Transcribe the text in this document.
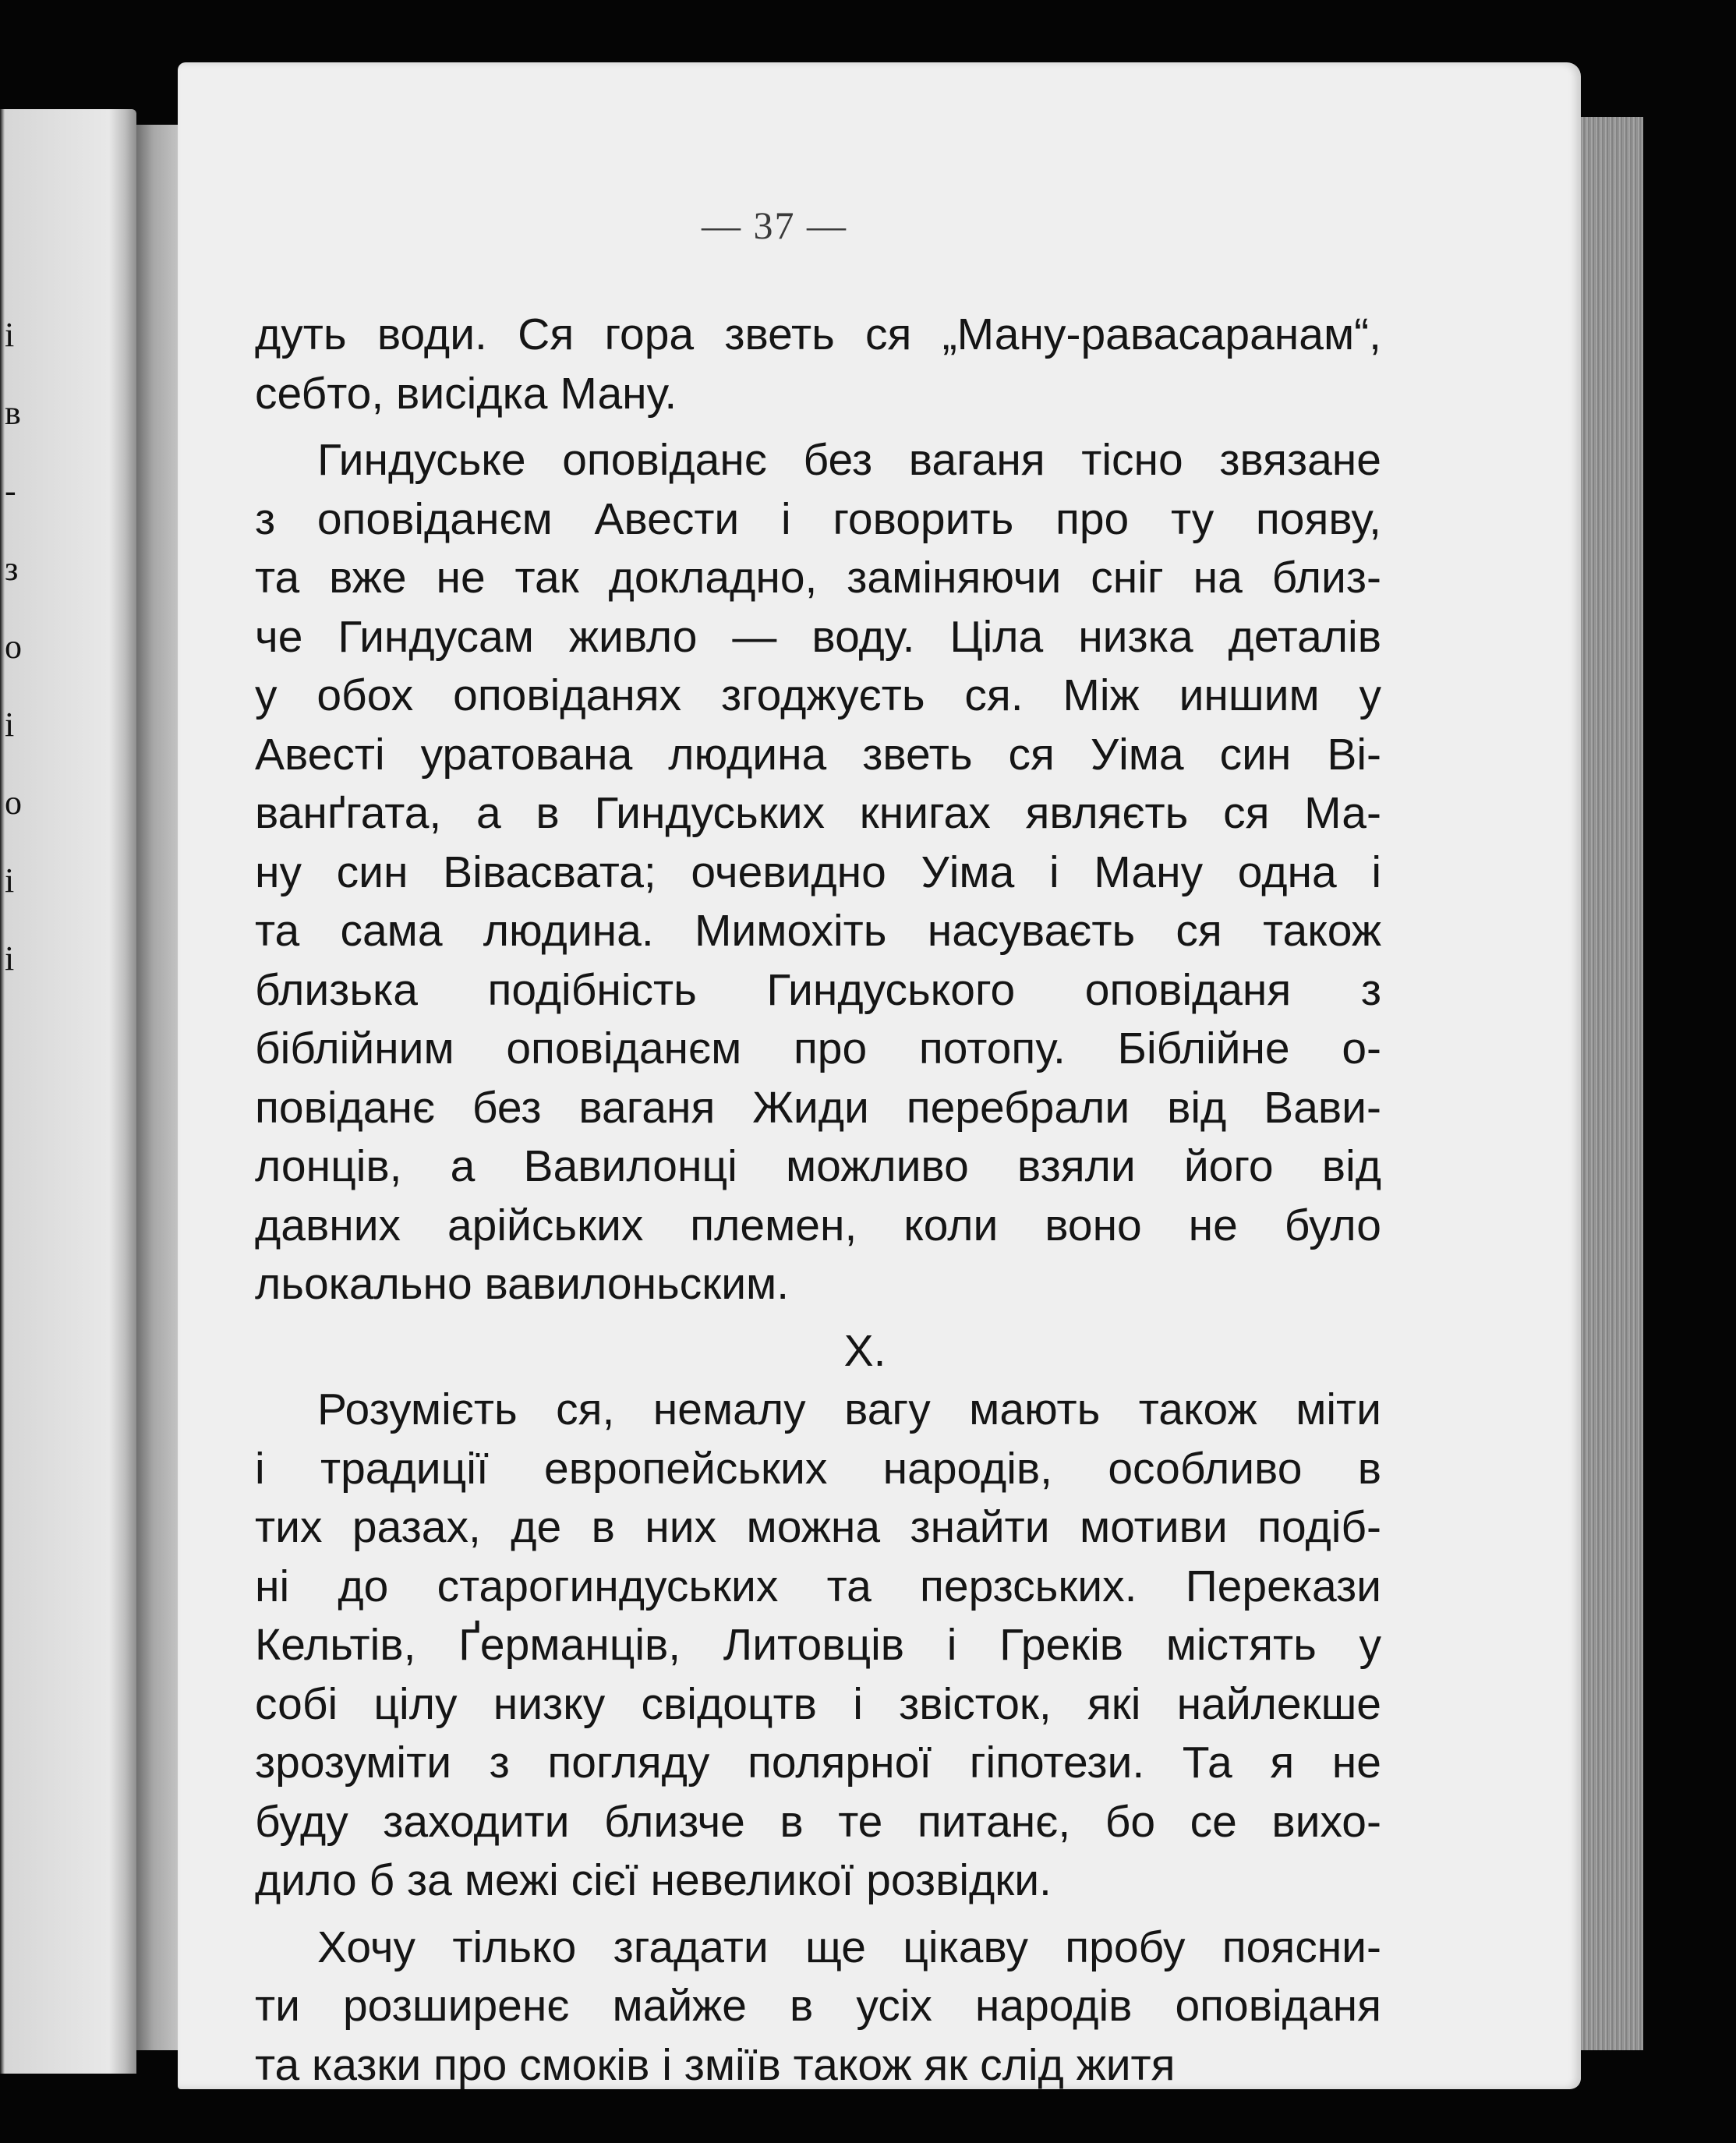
і
в
-
з
о
і
о
і
і
— 37 —
дуть води. Ся гора зветь ся „Ману-равасаранам“,
себто, висідка Ману.
Гиндуське оповіданє без ваганя тісно звязане
з оповіданєм Авести і говорить про ту появу,
та вже не так докладно, заміняючи сніг на близ-
че Гиндусам живло — воду. Ціла низка деталів
у обох оповіданях згоджуєть ся. Між иншим у
Авесті уратована людина зветь ся Уіма син Ві-
ванґгата, а в Гиндуських книгах являєть ся Ма-
ну син Вівасвата; очевидно Уіма і Ману одна і
та сама людина. Мимохіть насуваєть ся також
близька подібність Гиндуського оповіданя з
біблійним оповіданєм про потопу. Біблійне о-
повіданє без ваганя Жиди перебрали від Вави-
лонців, а Вавилонці можливо взяли його від
давних арійських племен, коли воно не було
льокально вавилоньским.
X.
Розумієть ся, немалу вагу мають також міти
і традиції европейських народів, особливо в
тих разах, де в них можна знайти мотиви подіб-
ні до старогиндуських та перзських. Перекази
Кельтів, Ґерманців, Литовців і Греків містять у
собі цілу низку свідоцтв і звісток, які найлекше
зрозуміти з погляду полярної гіпотези. Та я не
буду заходити близче в те питанє, бо се вихо-
дило б за межі сієї невеликої розвідки.
Хочу тілько згадати ще цікаву пробу поясни-
ти розширенє майже в усіх народів оповіданя
та казки про смоків і зміїв також як слід житя
